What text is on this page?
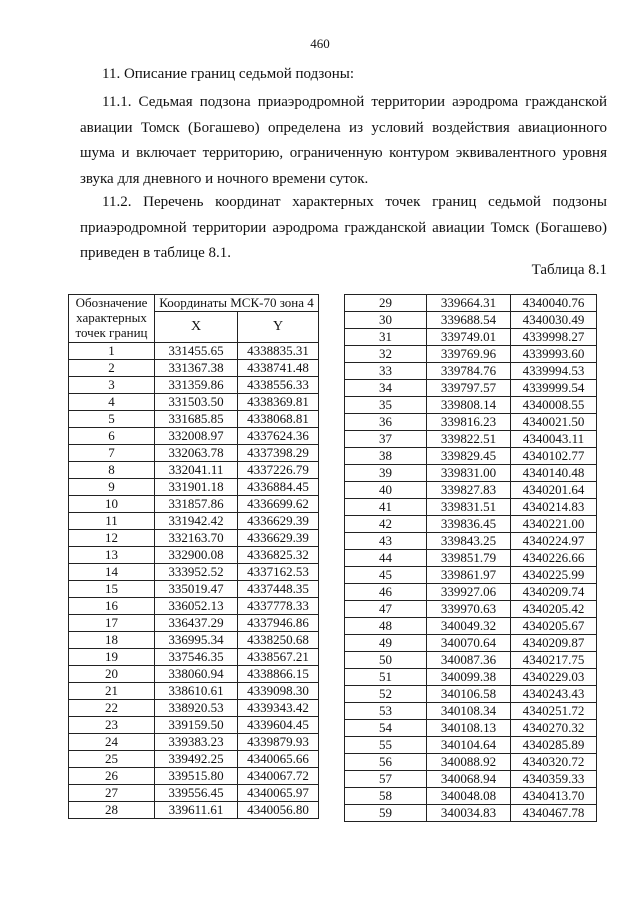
460
11. Описание границ седьмой подзоны:
11.1. Седьмая подзона приаэродромной территории аэродрома гражданской авиации Томск (Богашево) определена из условий воздействия авиационного шума и включает территорию, ограниченную контуром эквивалентного уровня звука для дневного и ночного времени суток.
11.2. Перечень координат характерных точек границ седьмой подзоны приаэродромной территории аэродрома гражданской авиации Томск (Богашево) приведен в таблице 8.1.
Таблица 8.1
Обозначение характерных точек границ	Координаты МСК-70 зона 4	
	X	Y
1	331455.65	4338835.31
2	331367.38	4338741.48
3	331359.86	4338556.33
4	331503.50	4338369.81
5	331685.85	4338068.81
6	332008.97	4337624.36
7	332063.78	4337398.29
8	332041.11	4337226.79
9	331901.18	4336884.45
10	331857.86	4336699.62
11	331942.42	4336629.39
12	332163.70	4336629.39
13	332900.08	4336825.32
14	333952.52	4337162.53
15	335019.47	4337448.35
16	336052.13	4337778.33
17	336437.29	4337946.86
18	336995.34	4338250.68
19	337546.35	4338567.21
20	338060.94	4338866.15
21	338610.61	4339098.30
22	338920.53	4339343.42
23	339159.50	4339604.45
24	339383.23	4339879.93
25	339492.25	4340065.66
26	339515.80	4340067.72
27	339556.45	4340065.97
28	339611.61	4340056.80
29	339664.31	4340040.76
30	339688.54	4340030.49
31	339749.01	4339998.27
32	339769.96	4339993.60
33	339784.76	4339994.53
34	339797.57	4339999.54
35	339808.14	4340008.55
36	339816.23	4340021.50
37	339822.51	4340043.11
38	339829.45	4340102.77
39	339831.00	4340140.48
40	339827.83	4340201.64
41	339831.51	4340214.83
42	339836.45	4340221.00
43	339843.25	4340224.97
44	339851.79	4340226.66
45	339861.97	4340225.99
46	339927.06	4340209.74
47	339970.63	4340205.42
48	340049.32	4340205.67
49	340070.64	4340209.87
50	340087.36	4340217.75
51	340099.38	4340229.03
52	340106.58	4340243.43
53	340108.34	4340251.72
54	340108.13	4340270.32
55	340104.64	4340285.89
56	340088.92	4340320.72
57	340068.94	4340359.33
58	340048.08	4340413.70
59	340034.83	4340467.78
